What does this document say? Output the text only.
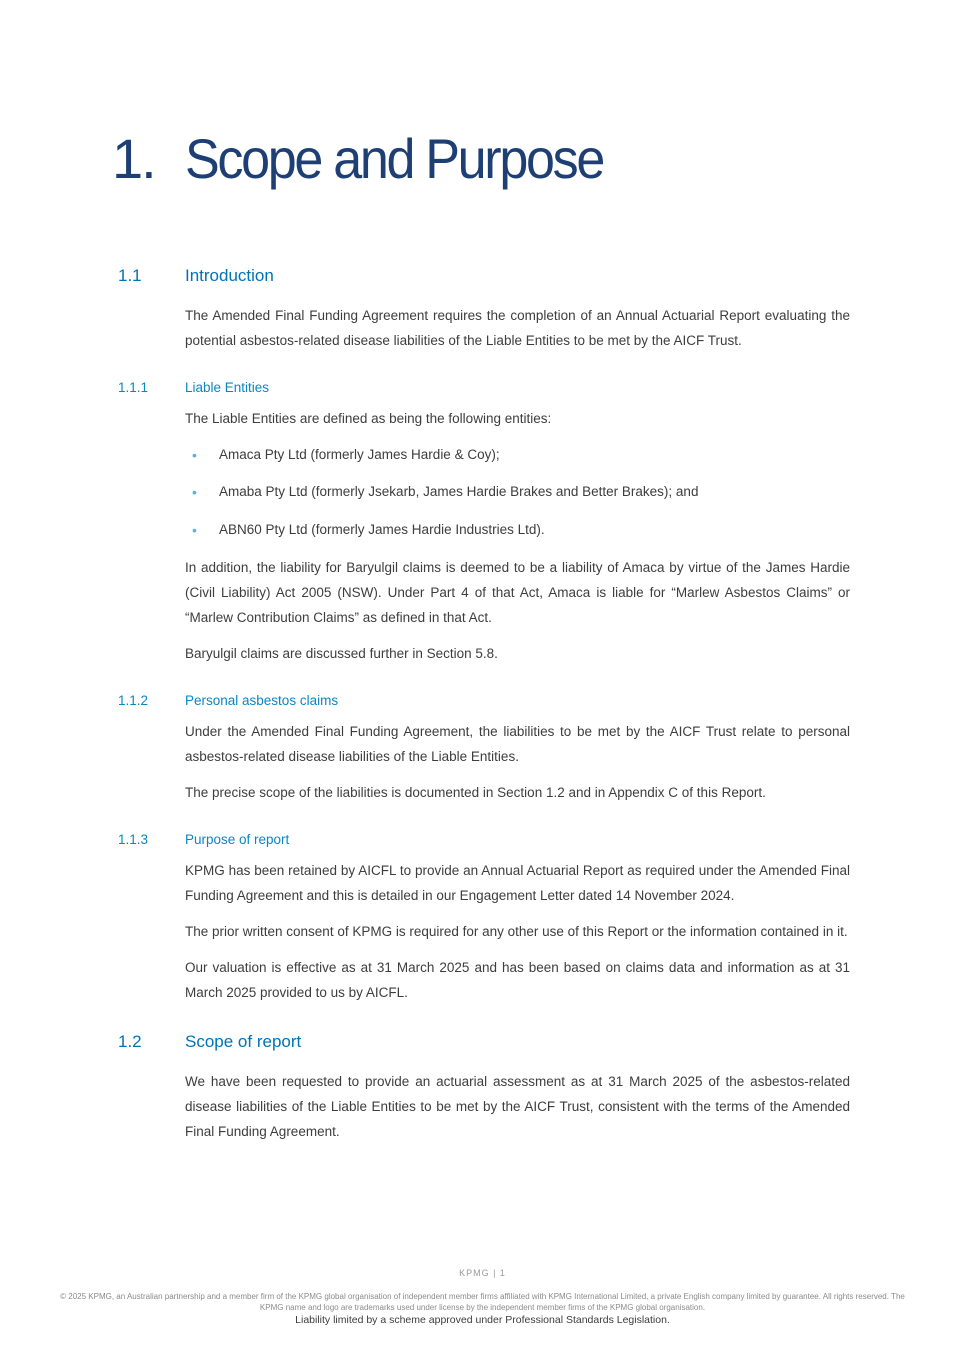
1. Scope and Purpose
1.1	Introduction

The Amended Final Funding Agreement requires the completion of an Annual Actuarial Report evaluating the potential asbestos-related disease liabilities of the Liable Entities to be met by the AICF Trust.

1.1.1	Liable Entities

The Liable Entities are defined as being the following entities:

•	Amaca Pty Ltd (formerly James Hardie & Coy);
•	Amaba Pty Ltd (formerly Jsekarb, James Hardie Brakes and Better Brakes); and
•	ABN60 Pty Ltd (formerly James Hardie Industries Ltd).

In addition, the liability for Baryulgil claims is deemed to be a liability of Amaca by virtue of the James Hardie (Civil Liability) Act 2005 (NSW). Under Part 4 of that Act, Amaca is liable for “Marlew Asbestos Claims” or “Marlew Contribution Claims” as defined in that Act.

Baryulgil claims are discussed further in Section 5.8.

1.1.2	Personal asbestos claims

Under the Amended Final Funding Agreement, the liabilities to be met by the AICF Trust relate to personal asbestos-related disease liabilities of the Liable Entities.

The precise scope of the liabilities is documented in Section 1.2 and in Appendix C of this Report.

1.1.3	Purpose of report

KPMG has been retained by AICFL to provide an Annual Actuarial Report as required under the Amended Final Funding Agreement and this is detailed in our Engagement Letter dated 14 November 2024.

The prior written consent of KPMG is required for any other use of this Report or the information contained in it.

Our valuation is effective as at 31 March 2025 and has been based on claims data and information as at 31 March 2025 provided to us by AICFL.

1.2	Scope of report

We have been requested to provide an actuarial assessment as at 31 March 2025 of the asbestos-related disease liabilities of the Liable Entities to be met by the AICF Trust, consistent with the terms of the Amended Final Funding Agreement.

KPMG | 1
© 2025 KPMG, an Australian partnership and a member firm of the KPMG global organisation of independent member firms affiliated with KPMG International Limited, a private English company limited by guarantee. All rights reserved. The KPMG name and logo are trademarks used under license by the independent member firms of the KPMG global organisation.
Liability limited by a scheme approved under Professional Standards Legislation.
